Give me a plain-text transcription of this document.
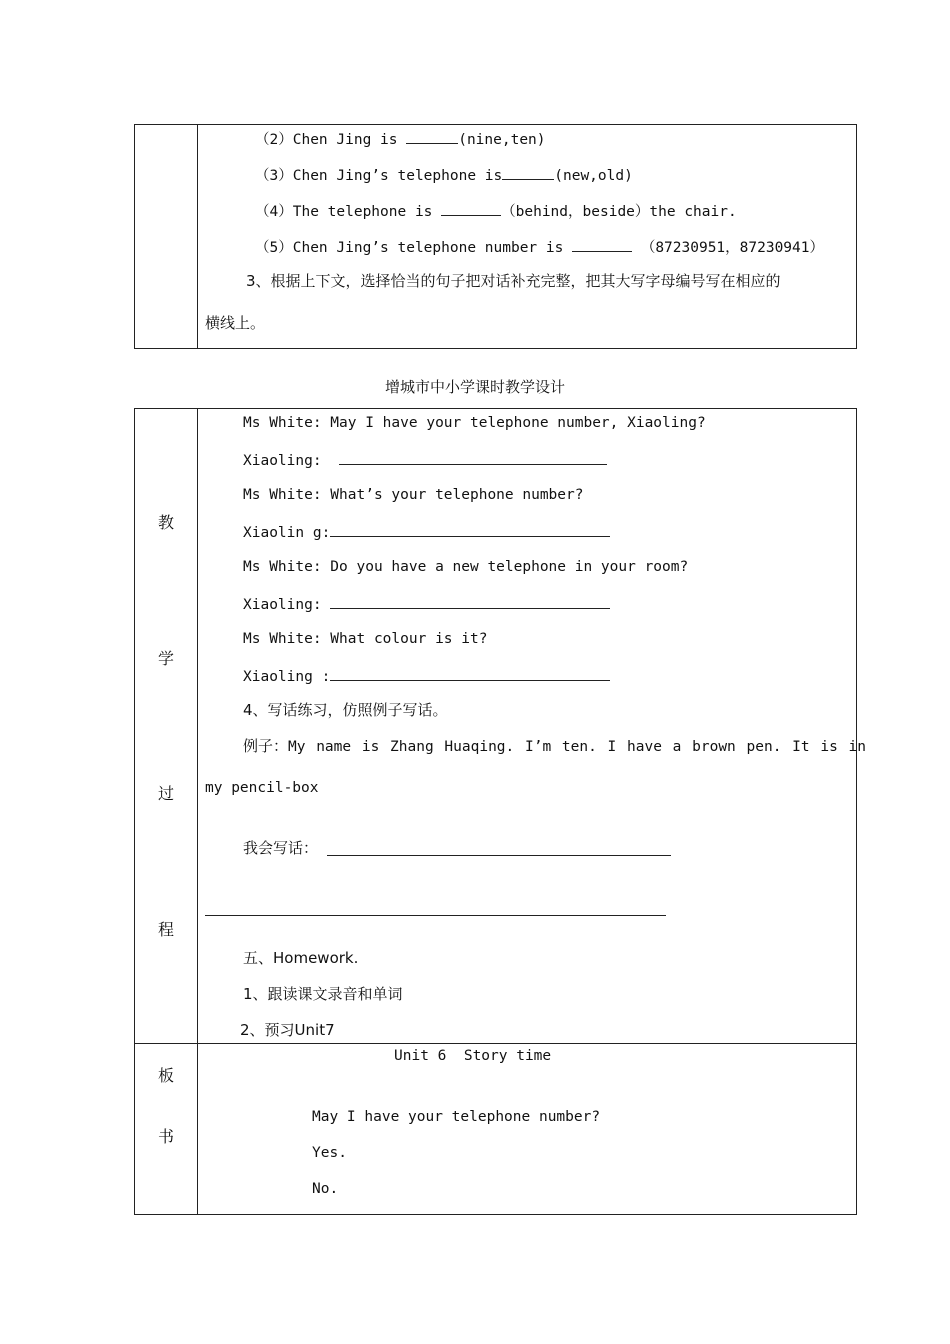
（2）Chen Jing is	(nine,ten)
（3）Chen Jing’s telephone is	(new,old)
（4）The telephone is	（behind，beside）the chair.
（5）Chen Jing’s telephone number is	（87230951，87230941）
3、根据上下文，选择恰当的句子把对话补充完整，把其大写字母编号写在相应的
横线上。
增城市中小学课时教学设计
教
学
过
程
Ms White: May I have your telephone number, Xiaoling?
Xiaoling:
Ms White: What’s your telephone number?
Xiaolin g:
Ms White: Do you have a new telephone in your room?
Xiaoling:
Ms White: What colour is it?
Xiaoling :
4、写话练习，仿照例子写话。
例子：My name is Zhang Huaqing. I’m ten. I have a brown pen. It is in
my pencil-box
我会写话：
五、Homework.
1、跟读课文录音和单词
2、预习Unit7
板
书
Unit 6  Story time
May I have your telephone number?
Yes.
No.
